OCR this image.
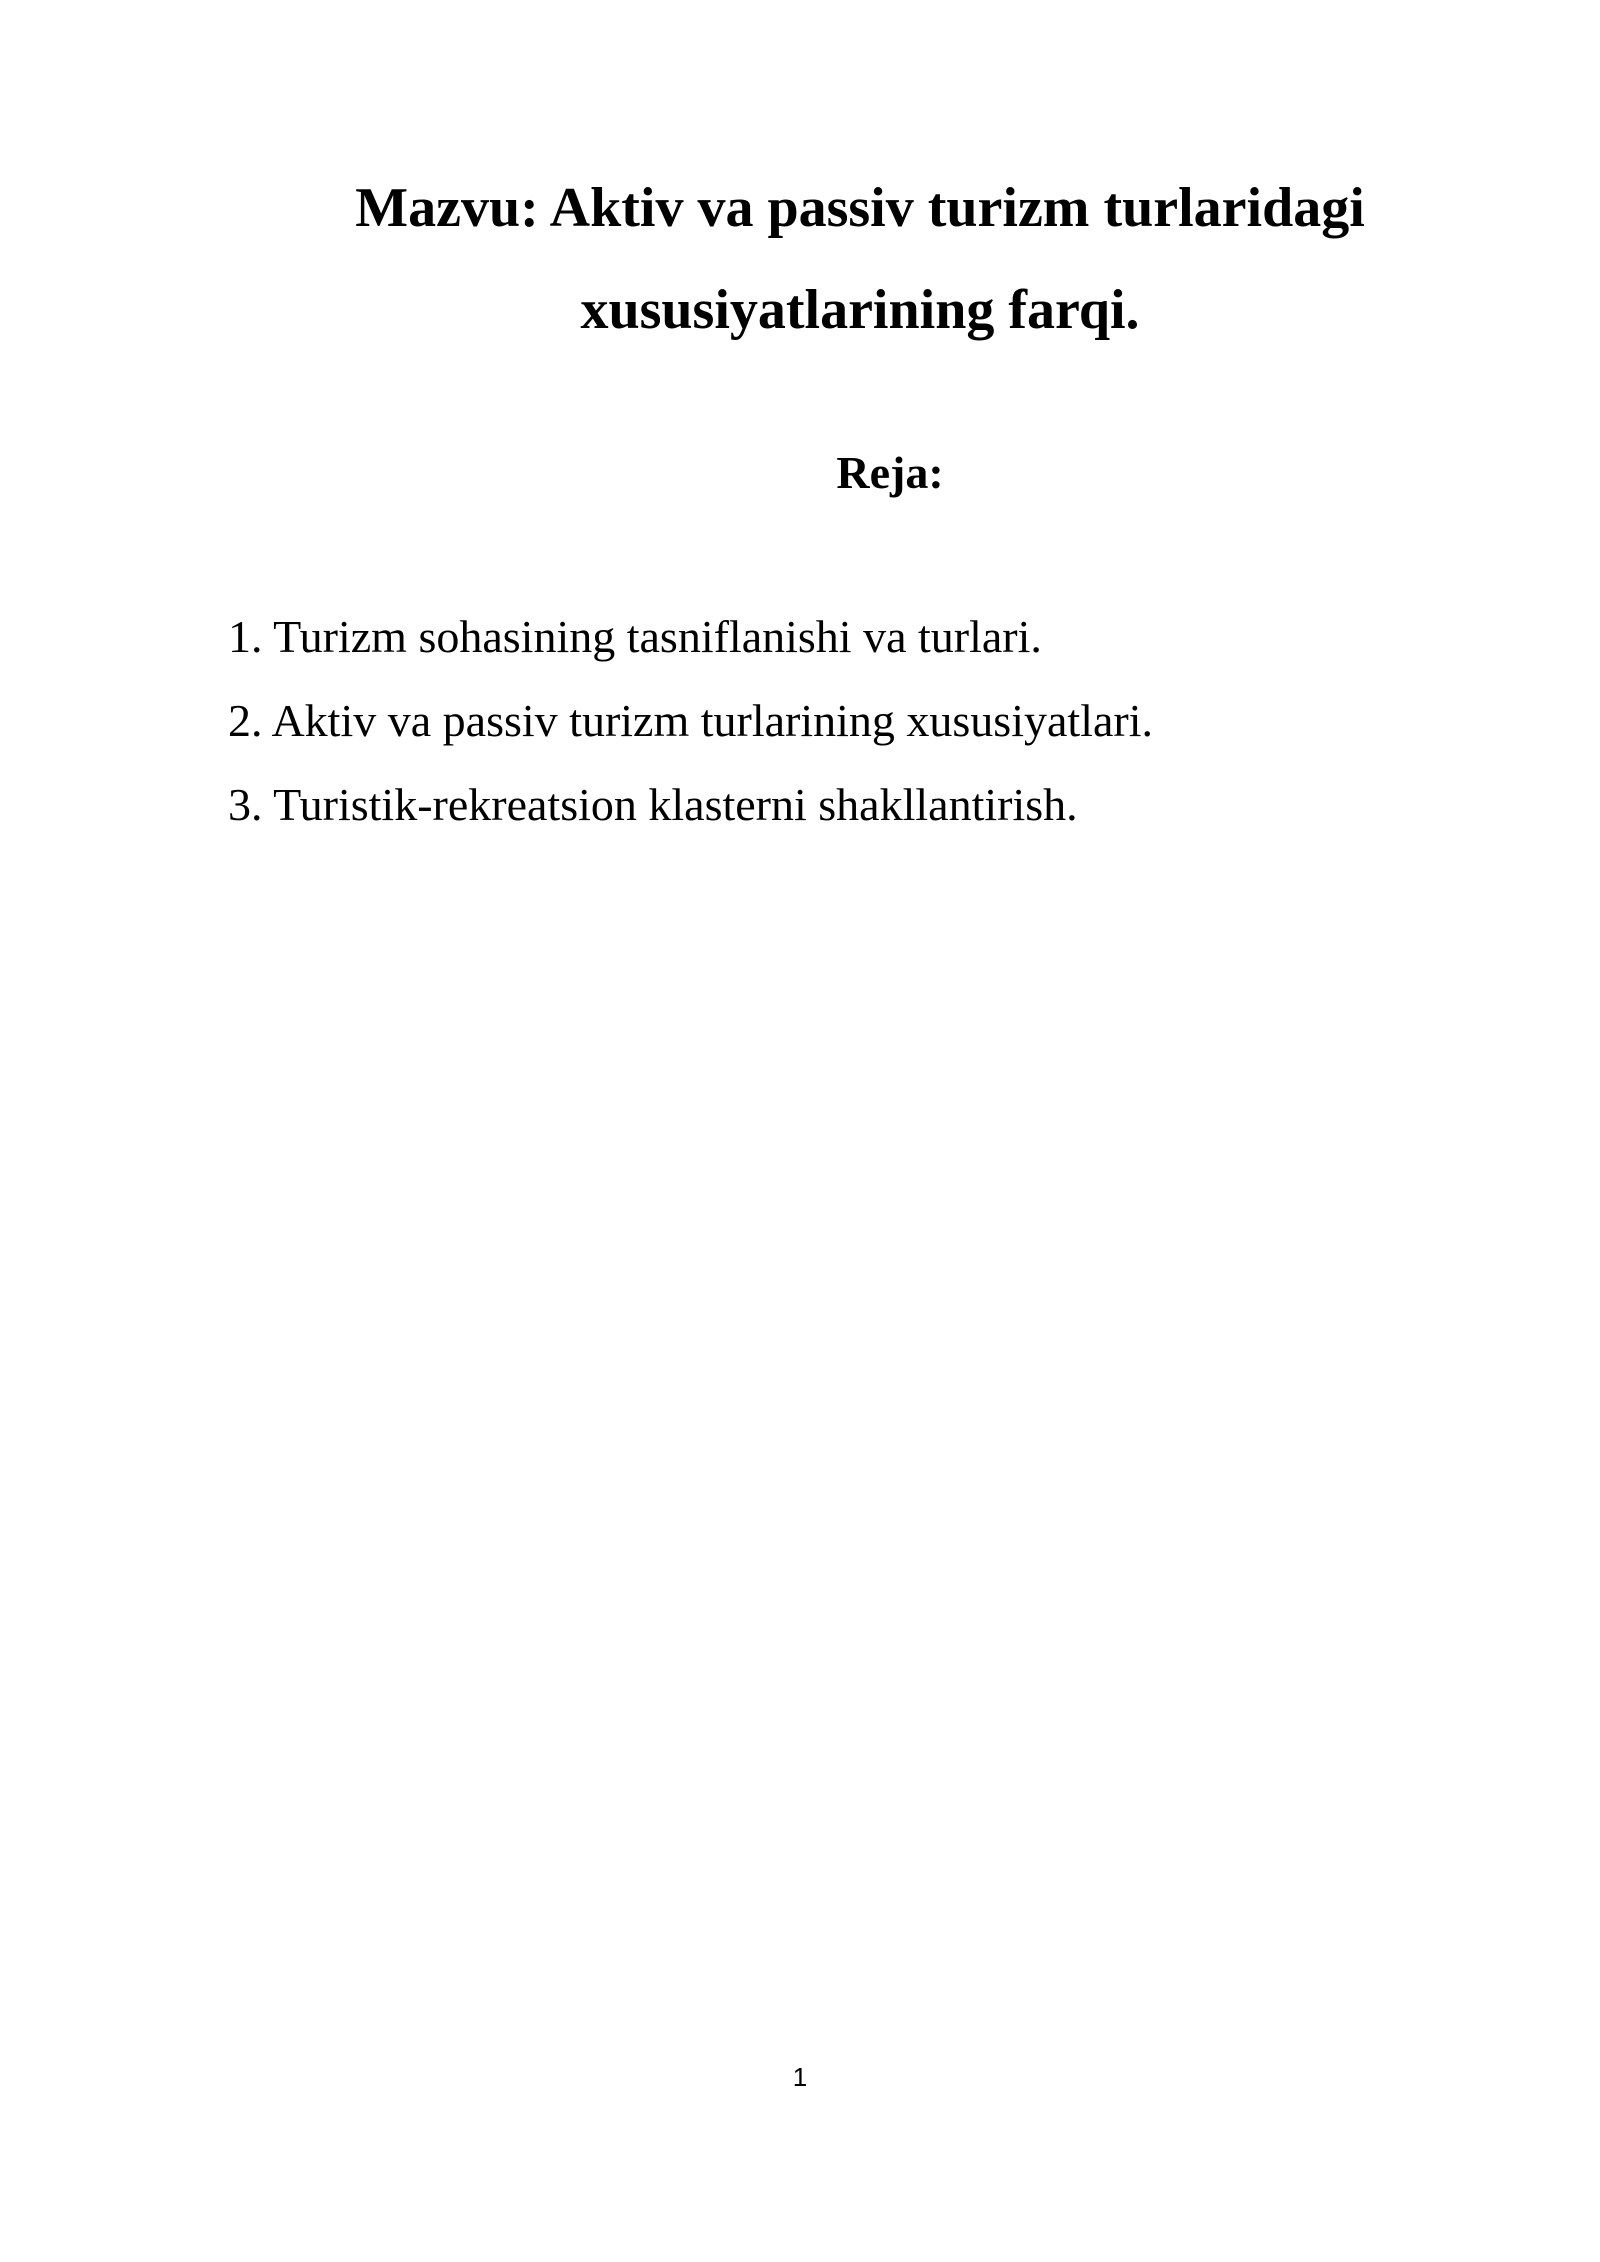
Mazvu: Aktiv va passiv turizm turlaridagi
xususiyatlarining farqi.
Reja:
1. Turizm sohasining tasniflanishi va turlari.
2. Aktiv va passiv turizm turlarining xususiyatlari.
3. Turistik-rekreatsion klasterni shakllantirish.
1
